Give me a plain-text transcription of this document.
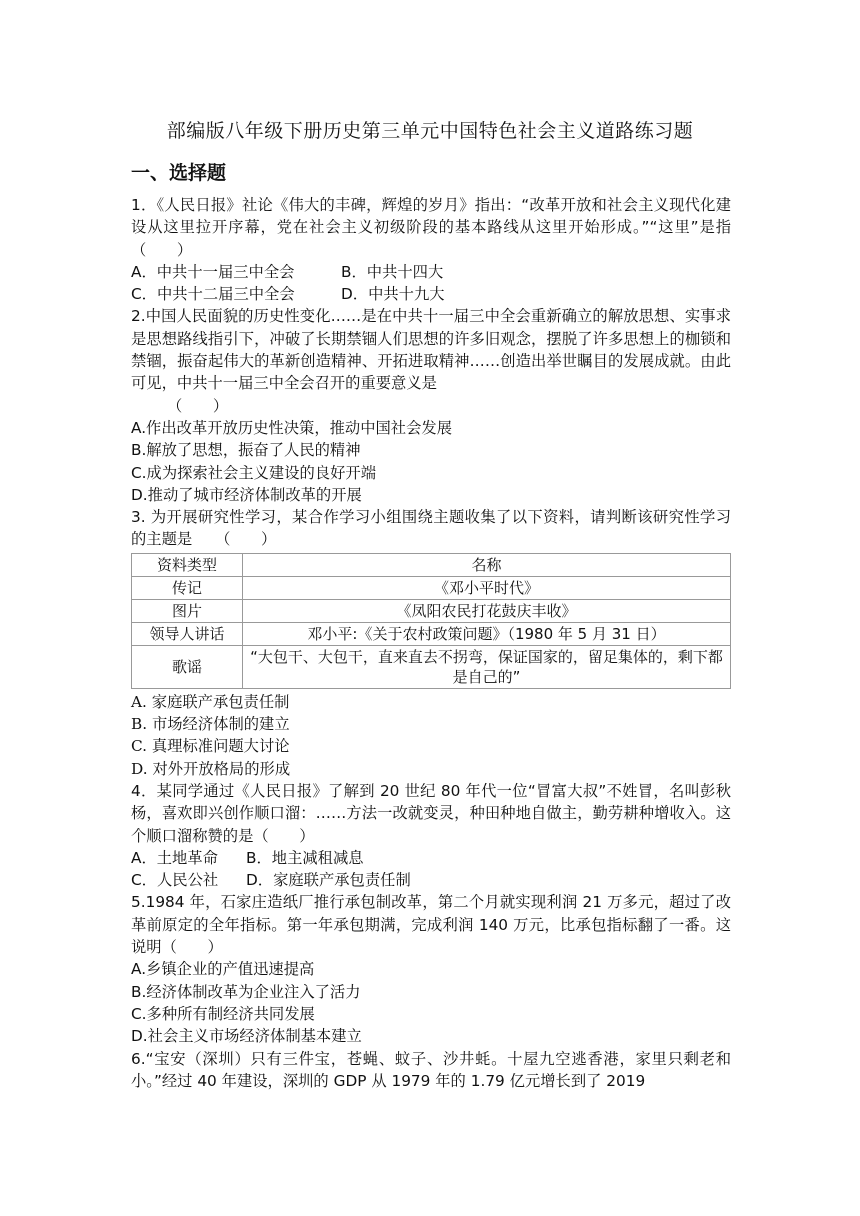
部编版八年级下册历史第三单元中国特色社会主义道路练习题
一、选择题

1．《人民日报》社论《伟大的丰碑，辉煌的岁月》指出：“改革开放和社会主义现代化建设从这里拉开序幕，党在社会主义初级阶段的基本路线从这里开始形成。”“这里”是指（　　）

A．中共十一届三中全会	B．中共十四大
C．中共十二届三中全会	D．中共十九大

2.中国人民面貌的历史性变化……是在中共十一届三中全会重新确立的解放思想、实事求是思想路线指引下，冲破了长期禁锢人们思想的许多旧观念，摆脱了许多思想上的枷锁和禁锢，振奋起伟大的革新创造精神、开拓进取精神……创造出举世瞩目的发展成就。由此可见，中共十一届三中全会召开的重要意义是

（　　）

A.作出改革开放历史性决策，推动中国社会发展

B.解放了思想，振奋了人民的精神

C.成为探索社会主义建设的良好开端

D.推动了城市经济体制改革的开展

3. 为开展研究性学习，某合作学习小组围绕主题收集了以下资料，请判断该研究性学习的主题是　　（　　）

资料类型	名称
传记	《邓小平时代》
图片	《凤阳农民打花鼓庆丰收》
领导人讲话	邓小平:《关于农村政策问题》（1980 年 5 月 31 日）
歌谣	“大包干、大包干，直来直去不拐弯，保证国家的，留足集体的，剩下都是自己的”

A. 家庭联产承包责任制

B. 市场经济体制的建立

C. 真理标准问题大讨论

D. 对外开放格局的形成

4．某同学通过《人民日报》了解到 20 世纪 80 年代一位“冒富大叔”不姓冒，名叫彭秋杨，喜欢即兴创作顺口溜：……方法一改就变灵，种田种地自做主，勤劳耕种增收入。这个顺口溜称赞的是（　　）

A．土地革命	B．地主减租减息
C．人民公社	D．家庭联产承包责任制

5.1984 年，石家庄造纸厂推行承包制改革，第二个月就实现利润 21 万多元，超过了改革前原定的全年指标。第一年承包期满，完成利润 140 万元，比承包指标翻了一番。这说明（　　）

A.乡镇企业的产值迅速提高

B.经济体制改革为企业注入了活力

C.多种所有制经济共同发展

D.社会主义市场经济体制基本建立

6.“宝安（深圳）只有三件宝，苍蝇、蚊子、沙井蚝。十屋九空逃香港，家里只剩老和小。”经过 40 年建设，深圳的 GDP 从 1979 年的 1.79 亿元增长到了 2019
